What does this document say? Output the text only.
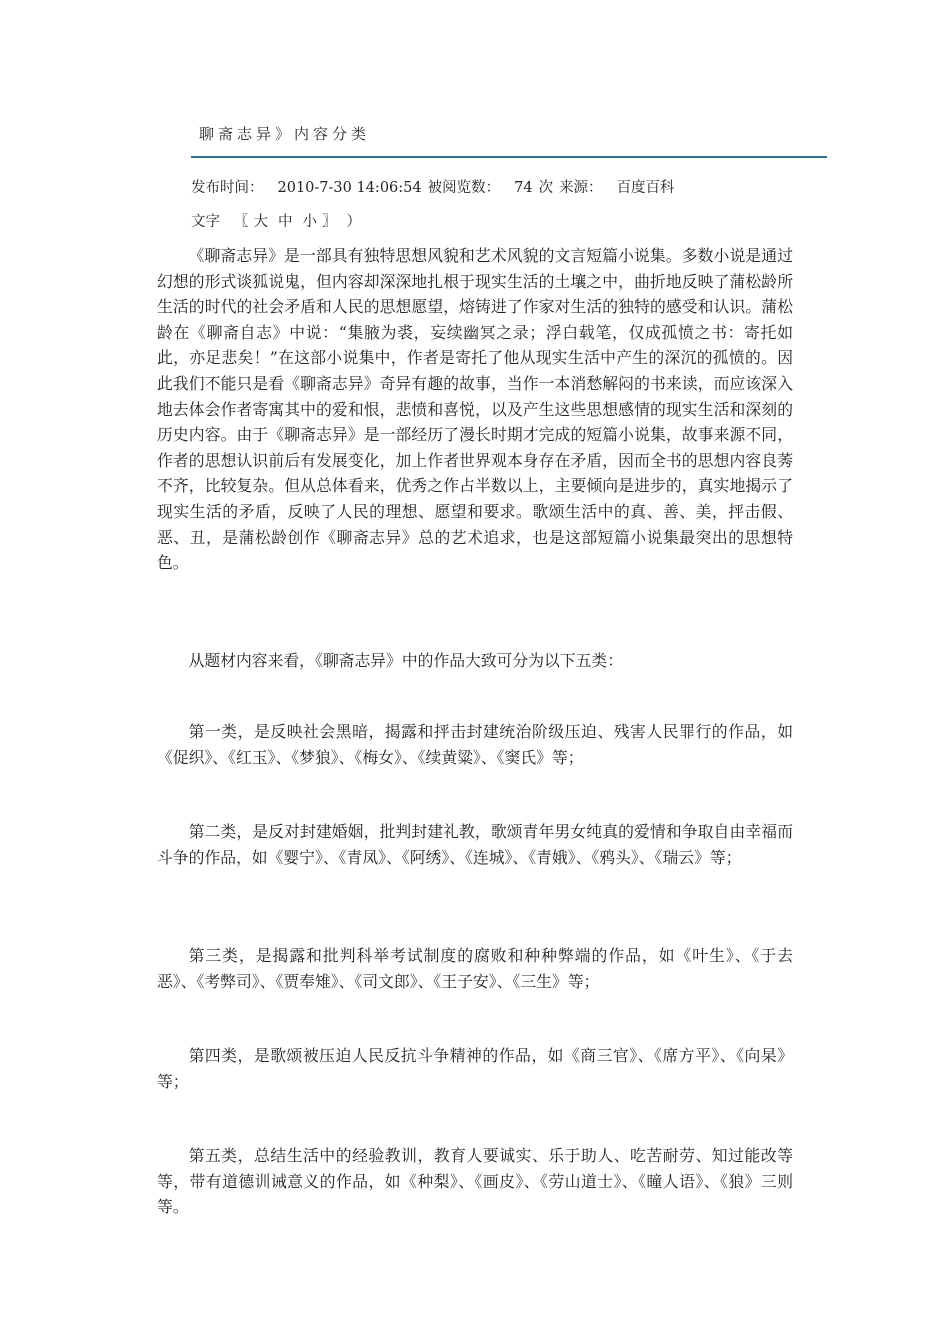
聊斋志异》内容分类
发布时间： 2010-7-30 14:06:54 被阅览数： 74 次 来源： 百度百科
文字 〖 大 中 小 〗 ）

《聊斋志异》是一部具有独特思想风貌和艺术风貌的文言短篇小说集。多数小说是通过幻想的形式谈狐说鬼，但内容却深深地扎根于现实生活的土壤之中，曲折地反映了蒲松龄所生活的时代的社会矛盾和人民的思想愿望，熔铸进了作家对生活的独特的感受和认识。蒲松龄在《聊斋自志》中说：“集腋为裘，妄续幽冥之录；浮白载笔，仅成孤愤之书：寄托如此，亦足悲矣！”在这部小说集中，作者是寄托了他从现实生活中产生的深沉的孤愤的。因此我们不能只是看《聊斋志异》奇异有趣的故事，当作一本消愁解闷的书来读，而应该深入地去体会作者寄寓其中的爱和恨，悲愤和喜悦，以及产生这些思想感情的现实生活和深刻的历史内容。由于《聊斋志异》是一部经历了漫长时期才完成的短篇小说集，故事来源不同，作者的思想认识前后有发展变化，加上作者世界观本身存在矛盾，因而全书的思想内容良莠不齐，比较复杂。但从总体看来，优秀之作占半数以上，主要倾向是进步的，真实地揭示了现实生活的矛盾，反映了人民的理想、愿望和要求。歌颂生活中的真、善、美，抨击假、恶、丑，是蒲松龄创作《聊斋志异》总的艺术追求，也是这部短篇小说集最突出的思想特色。

从题材内容来看，《聊斋志异》中的作品大致可分为以下五类：

第一类，是反映社会黑暗，揭露和抨击封建统治阶级压迫、残害人民罪行的作品，如《促织》、《红玉》、《梦狼》、《梅女》、《续黄粱》、《窦氏》等；

第二类，是反对封建婚姻，批判封建礼教，歌颂青年男女纯真的爱情和争取自由幸福而斗争的作品，如《婴宁》、《青凤》、《阿绣》、《连城》、《青娥》、《鸦头》、《瑞云》等；

第三类，是揭露和批判科举考试制度的腐败和种种弊端的作品，如《叶生》、《于去恶》、《考弊司》、《贾奉雉》、《司文郎》、《王子安》、《三生》等；

第四类，是歌颂被压迫人民反抗斗争精神的作品，如《商三官》、《席方平》、《向杲》等；

第五类，总结生活中的经验教训，教育人要诚实、乐于助人、吃苦耐劳、知过能改等等，带有道德训诫意义的作品，如《种梨》、《画皮》、《劳山道士》、《瞳人语》、《狼》三则等。
